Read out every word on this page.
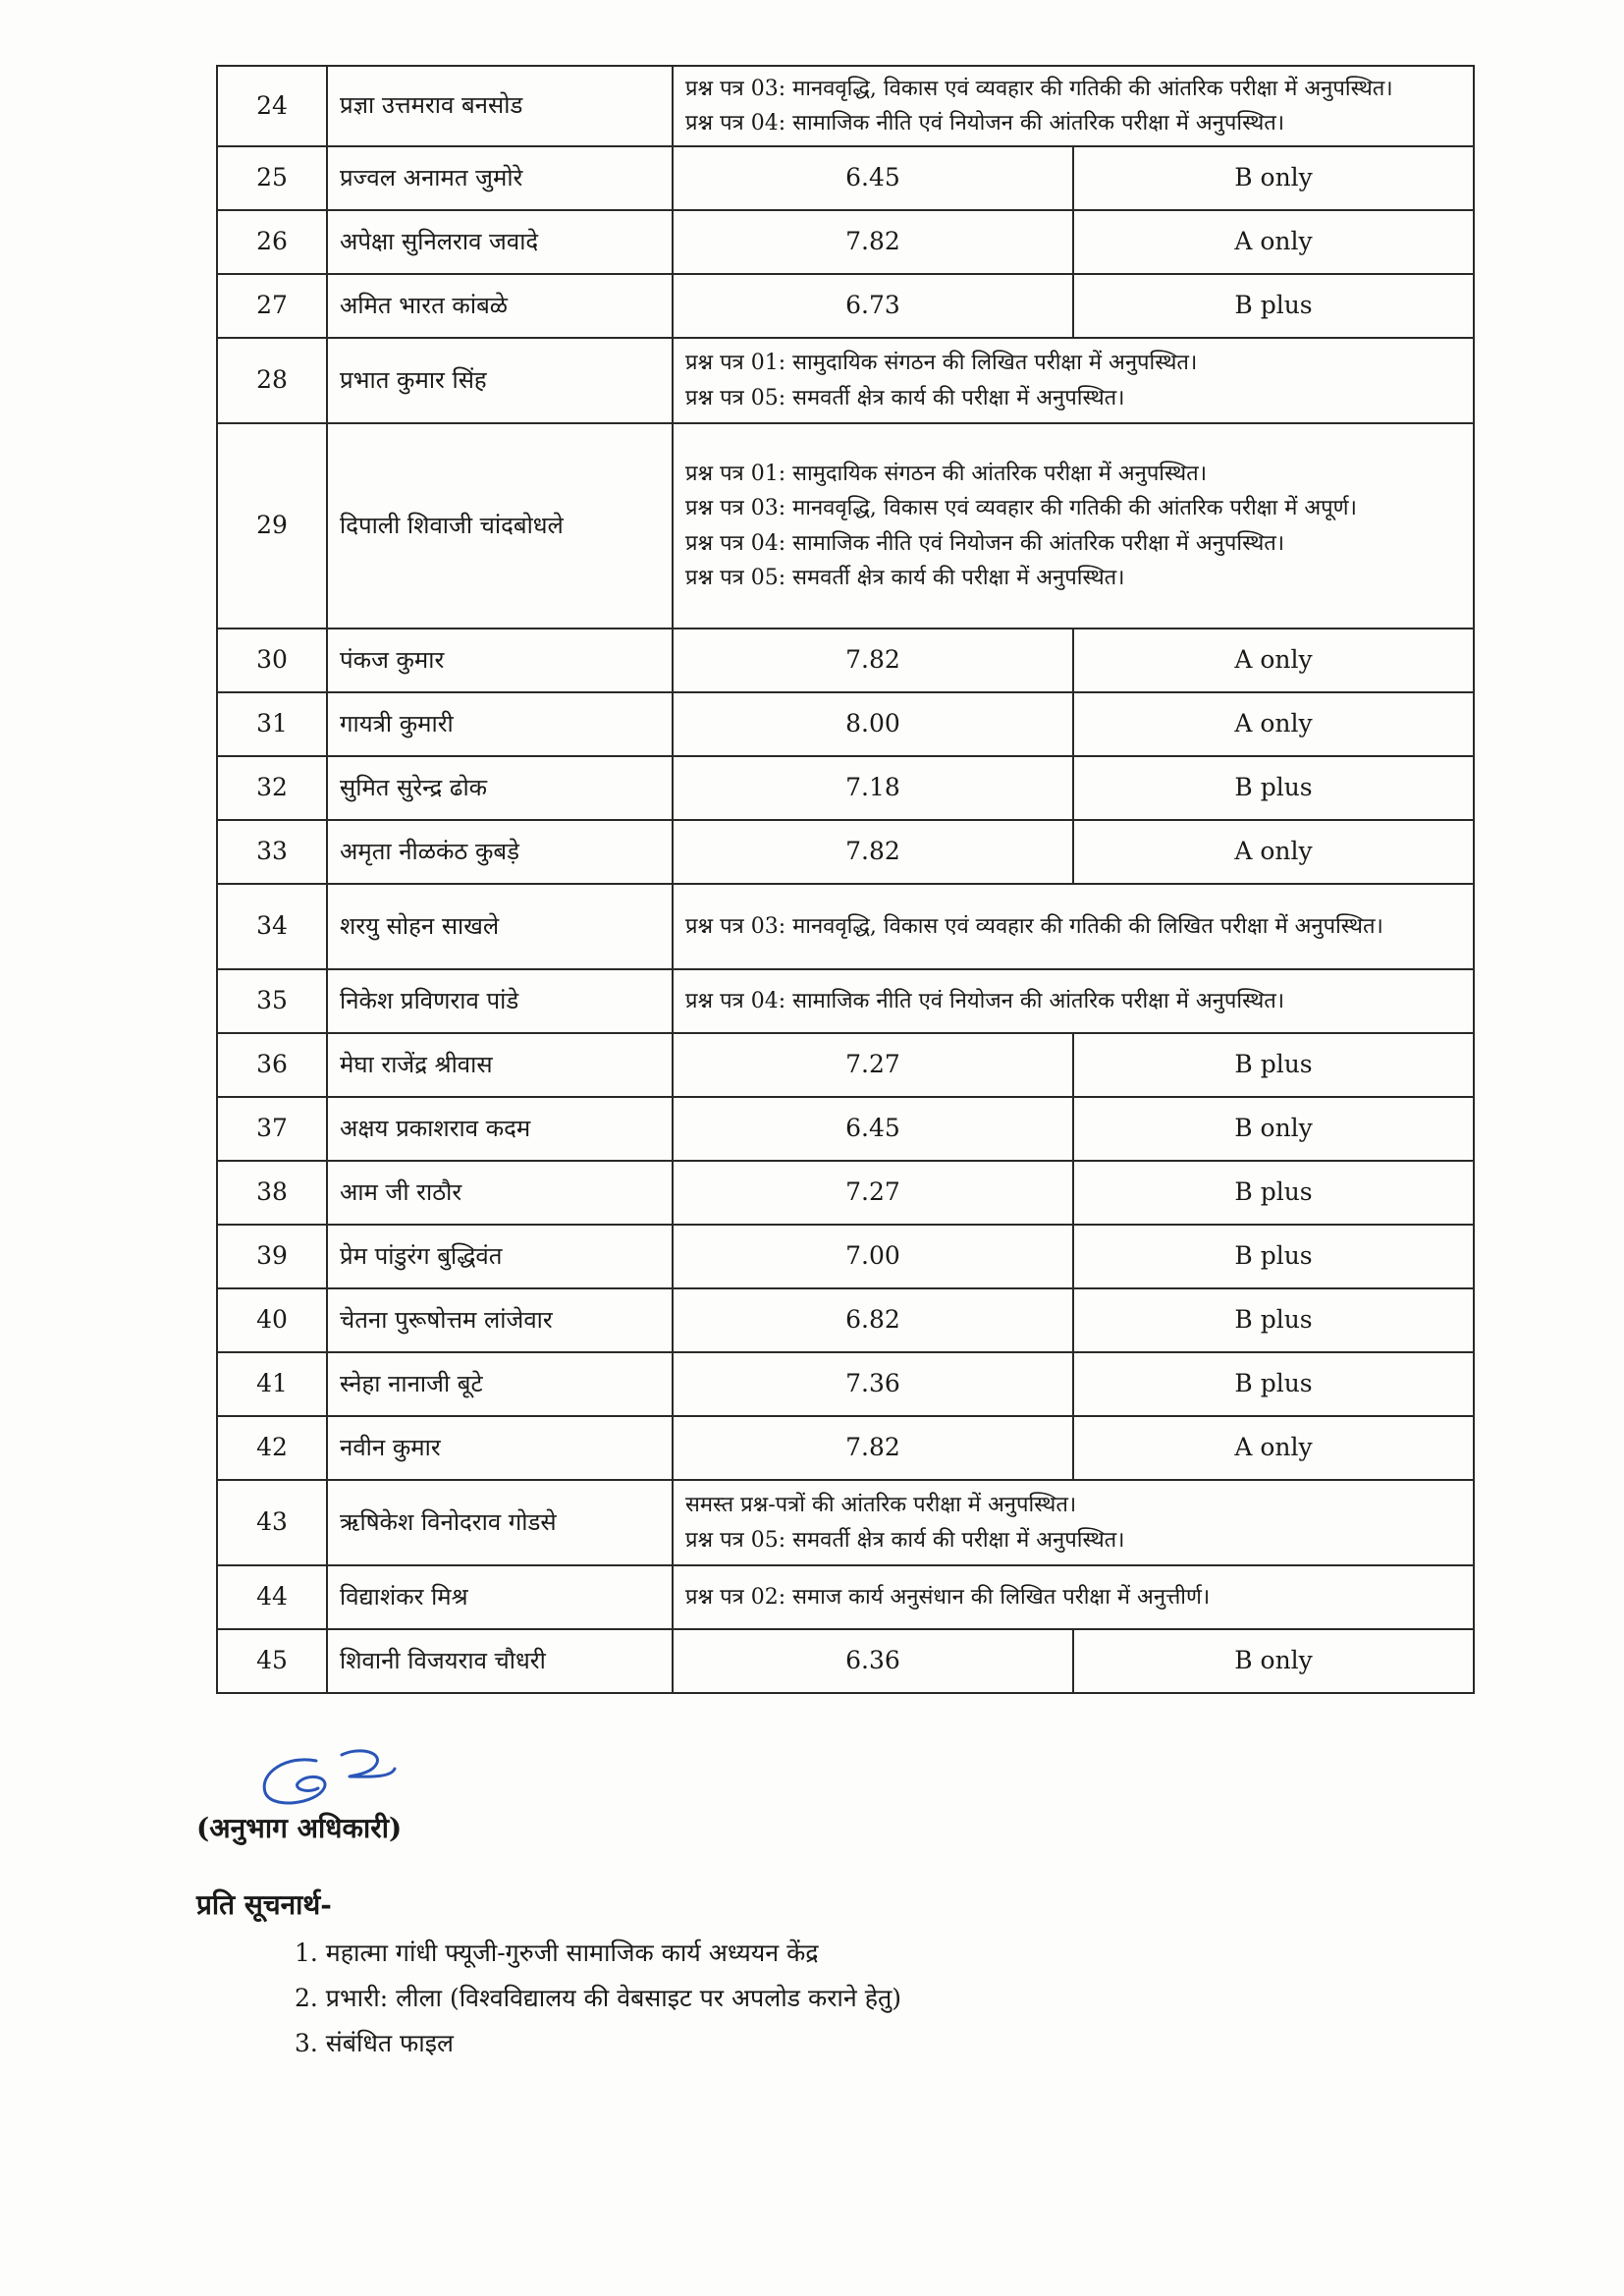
24	प्रज्ञा उत्तमराव बनसोड	प्रश्न पत्र 03: मानववृद्धि, विकास एवं व्यवहार की गतिकी की आंतरिक परीक्षा में अनुपस्थित।
प्रश्न पत्र 04: सामाजिक नीति एवं नियोजन की आंतरिक परीक्षा में अनुपस्थित।	

25	प्रज्वल अनामत जुमोरे	6.45	B only
26	अपेक्षा सुनिलराव जवादे	7.82	A only
27	अमित भारत कांबळे	6.73	B plus
28	प्रभात कुमार सिंह	प्रश्न पत्र 01: सामुदायिक संगठन की लिखित परीक्षा में अनुपस्थित।
प्रश्न पत्र 05: समवर्ती क्षेत्र कार्य की परीक्षा में अनुपस्थित।	

29	दिपाली शिवाजी चांदबोधले	प्रश्न पत्र 01: सामुदायिक संगठन की आंतरिक परीक्षा में अनुपस्थित।
प्रश्न पत्र 03: मानववृद्धि, विकास एवं व्यवहार की गतिकी की आंतरिक परीक्षा में अपूर्ण।
प्रश्न पत्र 04: सामाजिक नीति एवं नियोजन की आंतरिक परीक्षा में अनुपस्थित।
प्रश्न पत्र 05: समवर्ती क्षेत्र कार्य की परीक्षा में अनुपस्थित।	

30	पंकज कुमार	7.82	A only
31	गायत्री कुमारी	8.00	A only
32	सुमित सुरेन्द्र ढोक	7.18	B plus
33	अमृता नीळकंठ कुबड़े	7.82	A only
34	शरयु सोहन साखले	प्रश्न पत्र 03: मानववृद्धि, विकास एवं व्यवहार की गतिकी की लिखित परीक्षा में अनुपस्थित।	

35	निकेश प्रविणराव पांडे	प्रश्न पत्र 04: सामाजिक नीति एवं नियोजन की आंतरिक परीक्षा में अनुपस्थित।	

36	मेघा राजेंद्र श्रीवास	7.27	B plus
37	अक्षय प्रकाशराव कदम	6.45	B only
38	आम जी राठौर	7.27	B plus
39	प्रेम पांडुरंग बुद्धिवंत	7.00	B plus
40	चेतना पुरूषोत्तम लांजेवार	6.82	B plus
41	स्नेहा नानाजी बूटे	7.36	B plus
42	नवीन कुमार	7.82	A only
43	ऋषिकेश विनोदराव गोडसे	समस्त प्रश्न-पत्रों की आंतरिक परीक्षा में अनुपस्थित।
प्रश्न पत्र 05: समवर्ती क्षेत्र कार्य की परीक्षा में अनुपस्थित।	

44	विद्याशंकर मिश्र	प्रश्न पत्र 02: समाज कार्य अनुसंधान की लिखित परीक्षा में अनुत्तीर्ण।	

45	शिवानी विजयराव चौधरी	6.36	B only
(अनुभाग अधिकारी)
प्रति सूचनार्थ-
1. महात्मा गांधी फ्यूजी-गुरुजी सामाजिक कार्य अध्ययन केंद्र
2. प्रभारी: लीला (विश्वविद्यालय की वेबसाइट पर अपलोड कराने हेतु)
3. संबंधित फाइल
